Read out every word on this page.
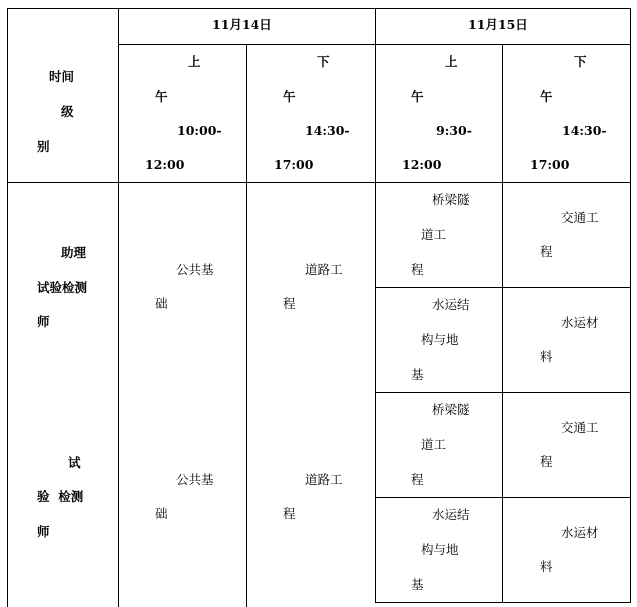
时间
级
别
11月14日	11月15日
上
午
10:00-
12:00
下
午
14:30-
17:00
上
午
9:30-
12:00
下
午
14:30-
17:00
助理
试验检测
师
公共基
础
道路工
程
桥梁隧
道工
程
交通工
程
水运结
构与地
基
水运材
料
试
验  检测
师
公共基
础
道路工
程
桥梁隧
道工
程
交通工
程
水运结
构与地
基
水运材
料
